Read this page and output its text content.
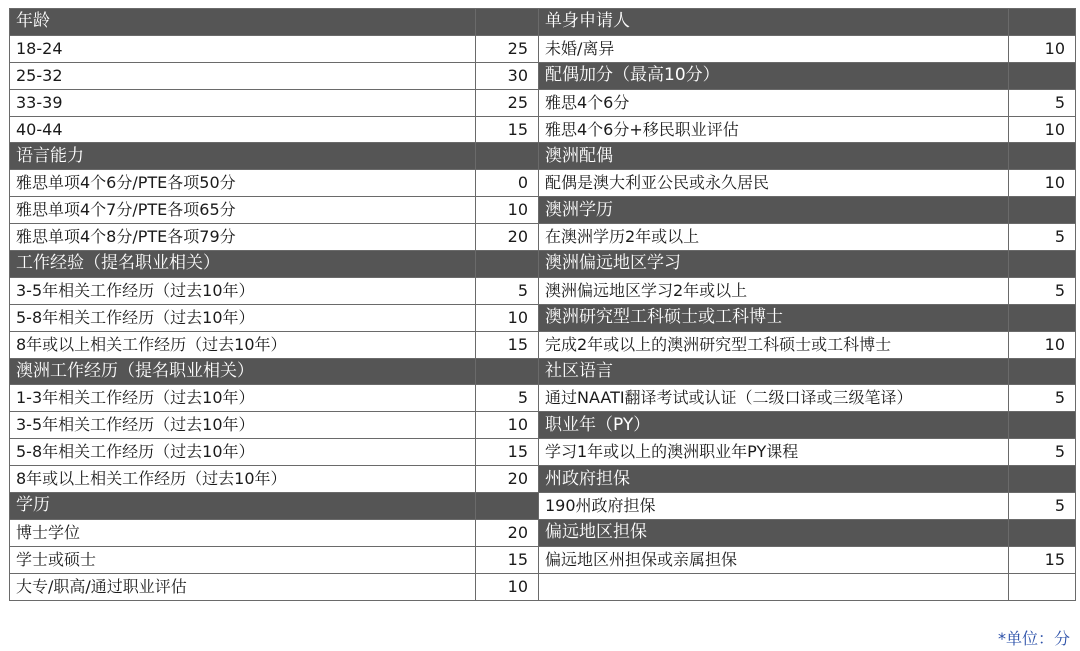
年龄	
18-24	25
25-32	30
33-39	25
40-44	15
语言能力	
雅思单项4个6分/PTE各项50分	0
雅思单项4个7分/PTE各项65分	10
雅思单项4个8分/PTE各项79分	20
工作经验（提名职业相关）	
3-5年相关工作经历（过去10年）	5
5-8年相关工作经历（过去10年）	10
8年或以上相关工作经历（过去10年）	15
澳洲工作经历（提名职业相关）	
1-3年相关工作经历（过去10年）	5
3-5年相关工作经历（过去10年）	10
5-8年相关工作经历（过去10年）	15
8年或以上相关工作经历（过去10年）	20
学历	
博士学位	20
学士或硕士	15
大专/职高/通过职业评估	10
单身申请人	
未婚/离异	10
配偶加分（最高10分）	
雅思4个6分	5
雅思4个6分+移民职业评估	10
澳洲配偶	
配偶是澳大利亚公民或永久居民	10
澳洲学历	
在澳洲学历2年或以上	5
澳洲偏远地区学习	
澳洲偏远地区学习2年或以上	5
澳洲研究型工科硕士或工科博士	
完成2年或以上的澳洲研究型工科硕士或工科博士	10
社区语言	
通过NAATI翻译考试或认证（二级口译或三级笔译）	5
职业年（PY）	
学习1年或以上的澳洲职业年PY课程	5
州政府担保	
190州政府担保	5
偏远地区担保	
偏远地区州担保或亲属担保	15

*单位：分
